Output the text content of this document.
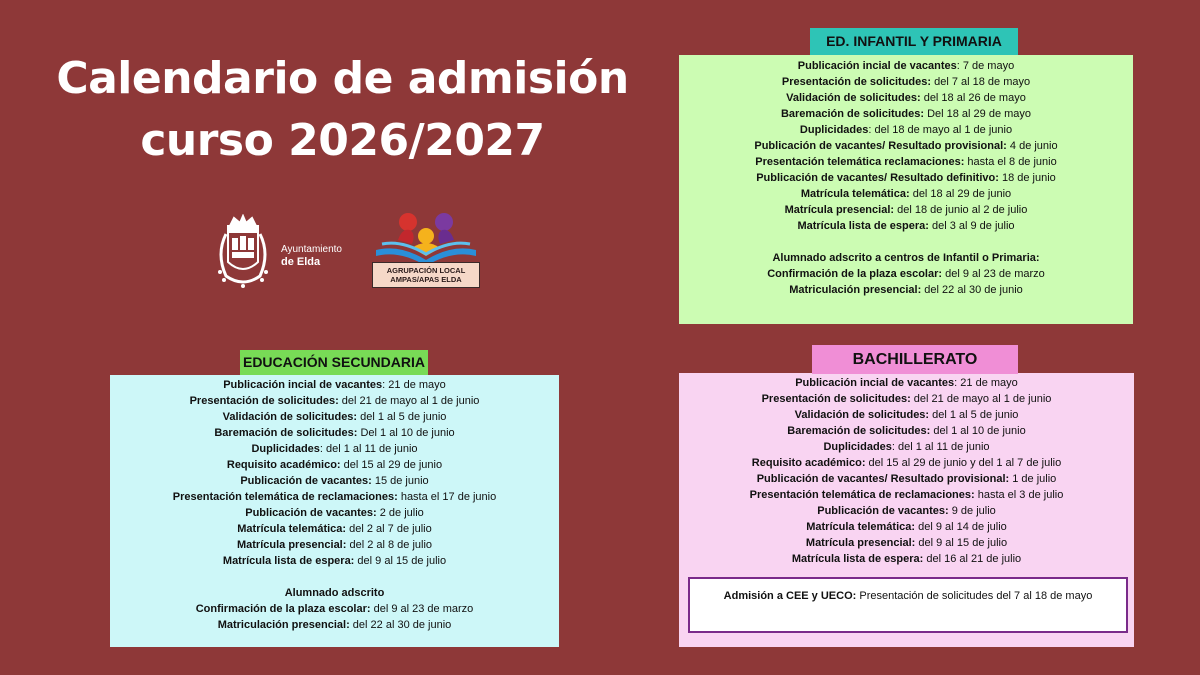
Calendario de admisión
curso 2026/2027
Ayuntamiento
de Elda
AGRUPACIÓN LOCAL
AMPAS/APAS ELDA

Publicación incial de vacantes: 7 de mayo

Presentación de solicitudes: del 7 al 18 de mayo

Validación de solicitudes: del 18 al 26 de mayo

Baremación de solicitudes: Del 18 al 29 de mayo

Duplicidades: del 18 de mayo al 1 de junio

Publicación de vacantes/ Resultado provisional: 4 de junio

Presentación telemática reclamaciones: hasta el 8 de junio

Publicación de vacantes/ Resultado definitivo: 18 de junio

Matrícula telemática: del 18 al 29 de junio

Matrícula presencial: del 18 de junio al 2 de julio

Matrícula lista de espera: del 3 al 9 de julio

Alumnado adscrito a centros de Infantil o Primaria:

Confirmación de la plaza escolar: del 9 al 23 de marzo

Matriculación presencial: del 22 al 30 de junio

ED. INFANTIL Y PRIMARIA

Publicación incial de vacantes: 21 de mayo

Presentación de solicitudes: del 21 de mayo al 1 de junio

Validación de solicitudes: del 1 al 5 de junio

Baremación de solicitudes: Del 1 al 10 de junio

Duplicidades: del 1 al 11 de junio

Requisito académico: del 15 al 29 de junio

Publicación de vacantes: 15 de junio

Presentación telemática de reclamaciones: hasta el 17 de junio

Publicación de vacantes: 2 de julio

Matrícula telemática: del 2 al 7 de julio

Matrícula presencial: del 2 al 8 de julio

Matrícula lista de espera: del 9 al 15 de julio

Alumnado adscrito

Confirmación de la plaza escolar: del 9 al 23 de marzo

Matriculación presencial: del 22 al 30 de junio

EDUCACIÓN SECUNDARIA

Publicación incial de vacantes: 21 de mayo

Presentación de solicitudes: del 21 de mayo al 1 de junio

Validación de solicitudes: del 1 al 5 de junio

Baremación de solicitudes: del 1 al 10 de junio

Duplicidades: del 1 al 11 de junio

Requisito académico: del 15 al 29 de junio y del 1 al 7 de julio

Publicación de vacantes/ Resultado provisional: 1 de julio

Presentación telemática de reclamaciones: hasta el 3 de julio

Publicación de vacantes: 9 de julio

Matrícula telemática: del 9 al 14 de julio

Matrícula presencial: del 9 al 15 de julio

Matrícula lista de espera: del 16 al 21 de julio

BACHILLERATO
Admisión a CEE y UECO: Presentación de solicitudes del 7 al 18 de mayo
